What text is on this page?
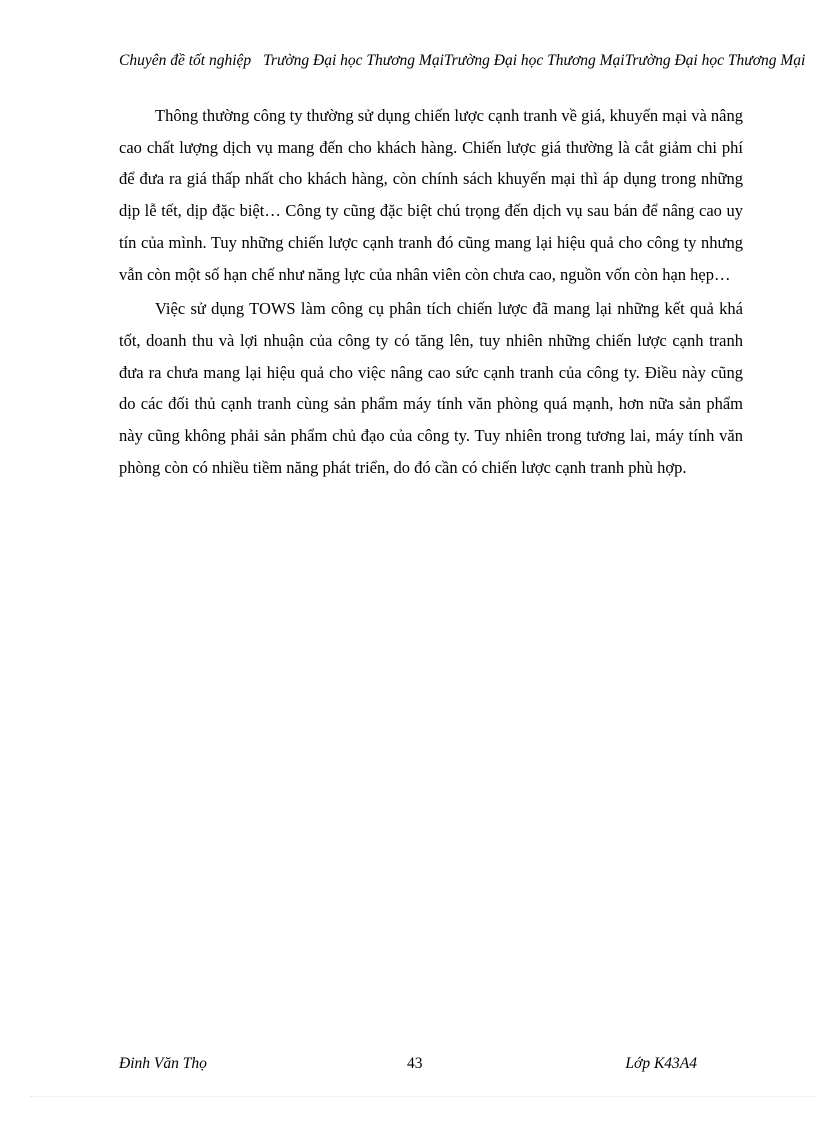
Chuyên đề tốt nghiệp Trường Đại học Thương MạiTrường Đại học Thương MạiTrường Đại học Thương Mại

Thông thường công ty thường sử dụng chiến lược cạnh tranh về giá, khuyến mại và nâng cao chất lượng dịch vụ mang đến cho khách hàng. Chiến lược giá thường là cắt giảm chi phí để đưa ra giá thấp nhất cho khách hàng, còn chính sách khuyến mại thì áp dụng trong những dịp lễ tết, dịp đặc biệt… Công ty cũng đặc biệt chú trọng đến dịch vụ sau bán để nâng cao uy tín của mình. Tuy những chiến lược cạnh tranh đó cũng mang lại hiệu quả cho công ty nhưng vẫn còn một số hạn chế như năng lực của nhân viên còn chưa cao, nguồn vốn còn hạn hẹp…

Việc sử dụng TOWS làm công cụ phân tích chiến lược đã mang lại những kết quả khá tốt, doanh thu và lợi nhuận của công ty có tăng lên, tuy nhiên những chiến lược cạnh tranh đưa ra chưa mang lại hiệu quả cho việc nâng cao sức cạnh tranh của công ty. Điều này cũng do các đối thủ cạnh tranh cùng sản phẩm máy tính văn phòng quá mạnh, hơn nữa sản phẩm này cũng không phải sản phẩm chủ đạo của công ty. Tuy nhiên trong tương lai, máy tính văn phòng còn có nhiều tiềm năng phát triển, do đó cần có chiến lược cạnh tranh phù hợp.

Đinh Văn Thọ	43	Lớp K43A4
